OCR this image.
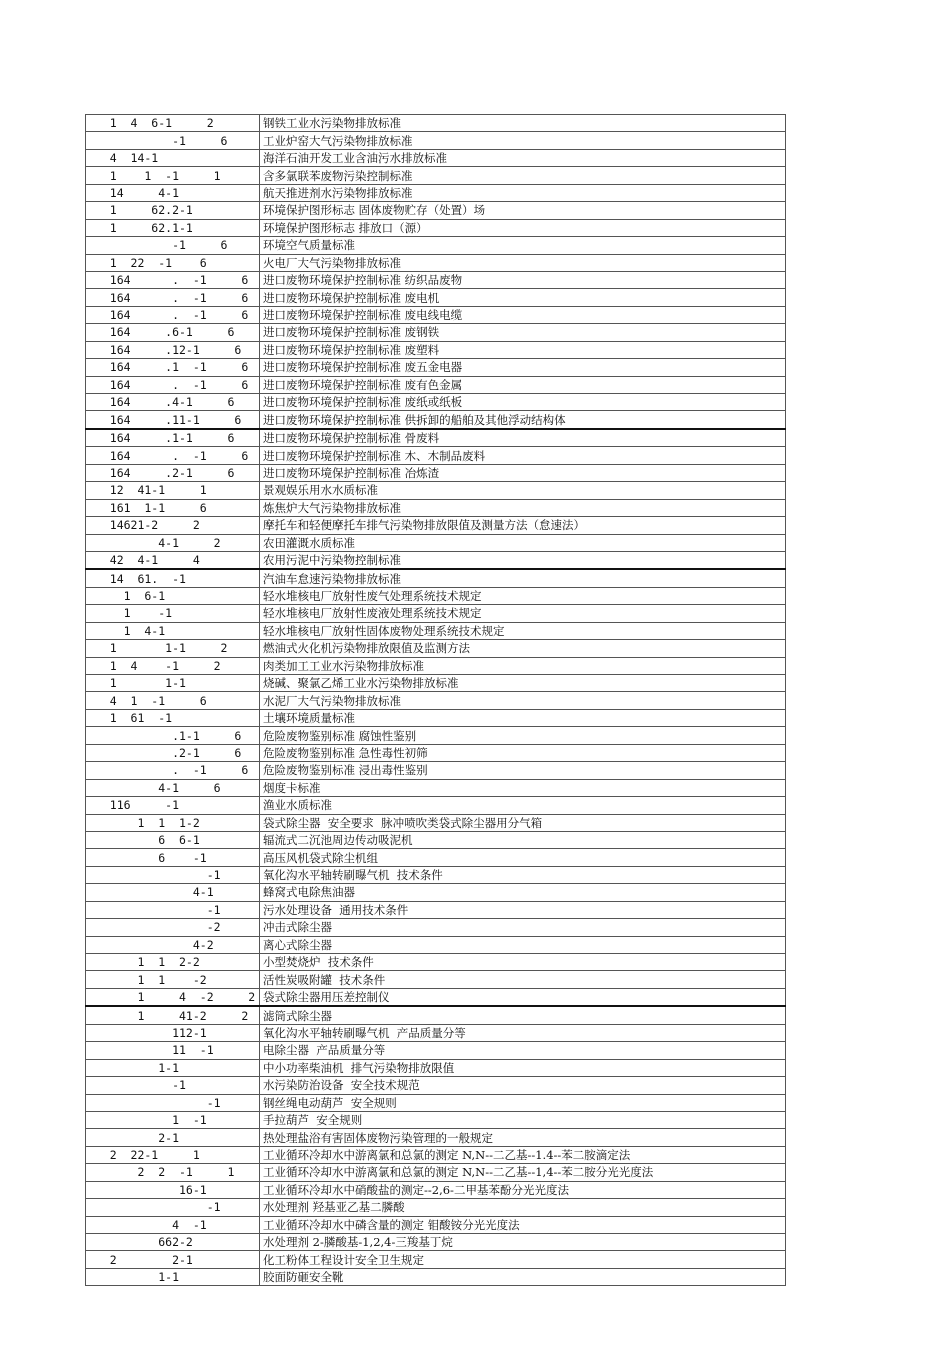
1  4  6-1     2	钢铁工业水污染物排放标准
-1     6	工业炉窑大气污染物排放标准
4  14-1	海洋石油开发工业含油污水排放标准
1    1  -1     1	含多氯联苯废物污染控制标准
14     4-1	航天推进剂水污染物排放标准
1     62.2-1	环境保护图形标志 固体废物贮存（处置）场
1     62.1-1	环境保护图形标志 排放口（源）
-1     6	环境空气质量标准
1  22  -1    6	火电厂大气污染物排放标准
164      .  -1     6	进口废物环境保护控制标准 纺织品废物
164      .  -1     6	进口废物环境保护控制标准 废电机
164      .  -1     6	进口废物环境保护控制标准 废电线电缆
164     .6-1     6	进口废物环境保护控制标准 废钢铁
164     .12-1     6	进口废物环境保护控制标准 废塑料
164     .1  -1     6	进口废物环境保护控制标准 废五金电器
164      .  -1     6	进口废物环境保护控制标准 废有色金属
164     .4-1     6	进口废物环境保护控制标准 废纸或纸板
164     .11-1     6	进口废物环境保护控制标准 供拆卸的船舶及其他浮动结构体
164     .1-1     6	进口废物环境保护控制标准 骨废料
164      .  -1     6	进口废物环境保护控制标准 木、木制品废料
164     .2-1     6	进口废物环境保护控制标准 冶炼渣
12  41-1     1	景观娱乐用水水质标准
161  1-1     6	炼焦炉大气污染物排放标准
14621-2     2	摩托车和轻便摩托车排气污染物排放限值及测量方法（怠速法）
4-1     2	农田灌溉水质标准
42  4-1     4	农用污泥中污染物控制标准
14  61.  -1	汽油车怠速污染物排放标准
1  6-1	轻水堆核电厂放射性废气处理系统技术规定
1    -1	轻水堆核电厂放射性废液处理系统技术规定
1  4-1	轻水堆核电厂放射性固体废物处理系统技术规定
1       1-1     2	燃油式火化机污染物排放限值及监测方法
1  4    -1     2	肉类加工工业水污染物排放标准
1       1-1	烧碱、聚氯乙烯工业水污染物排放标准
4  1  -1     6	水泥厂大气污染物排放标准
1  61  -1	土壤环境质量标准
.1-1     6	危险废物鉴别标准 腐蚀性鉴别
.2-1     6	危险废物鉴别标准 急性毒性初筛
.  -1     6	危险废物鉴别标准 浸出毒性鉴别
4-1     6	烟度卡标准
116     -1	渔业水质标准
1  1  1-2	袋式除尘器  安全要求  脉冲喷吹类袋式除尘器用分气箱
6  6-1	辐流式二沉池周边传动吸泥机
6    -1	高压风机袋式除尘机组
-1	氧化沟水平轴转刷曝气机  技术条件
4-1	蜂窝式电除焦油器
-1	污水处理设备  通用技术条件
-2	冲击式除尘器
4-2	离心式除尘器
1  1  2-2	小型焚烧炉  技术条件
1  1    -2	活性炭吸附罐  技术条件
1     4  -2     2	袋式除尘器用压差控制仪
1     41-2     2	滤筒式除尘器
112-1	氧化沟水平轴转刷曝气机  产品质量分等
11  -1	电除尘器  产品质量分等
1-1	中小功率柴油机  排气污染物排放限值
-1	水污染防治设备  安全技术规范
-1	钢丝绳电动葫芦  安全规则
1  -1	手拉葫芦  安全规则
2-1	热处理盐浴有害固体废物污染管理的一般规定
2  22-1     1	工业循环冷却水中游离氯和总氯的测定 N,N--二乙基--1.4--苯二胺滴定法
2  2  -1     1	工业循环冷却水中游离氯和总氯的测定 N,N--二乙基--1,4--苯二胺分光光度法
16-1	工业循环冷却水中硝酸盐的测定--2,6-二甲基苯酚分光光度法
-1	水处理剂 羟基亚乙基二膦酸
4  -1	工业循环冷却水中磷含量的测定 钼酸铵分光光度法
662-2	水处理剂 2-膦酸基-1,2,4-三羧基丁烷
2        2-1	化工粉体工程设计安全卫生规定
1-1	胶面防砸安全靴
